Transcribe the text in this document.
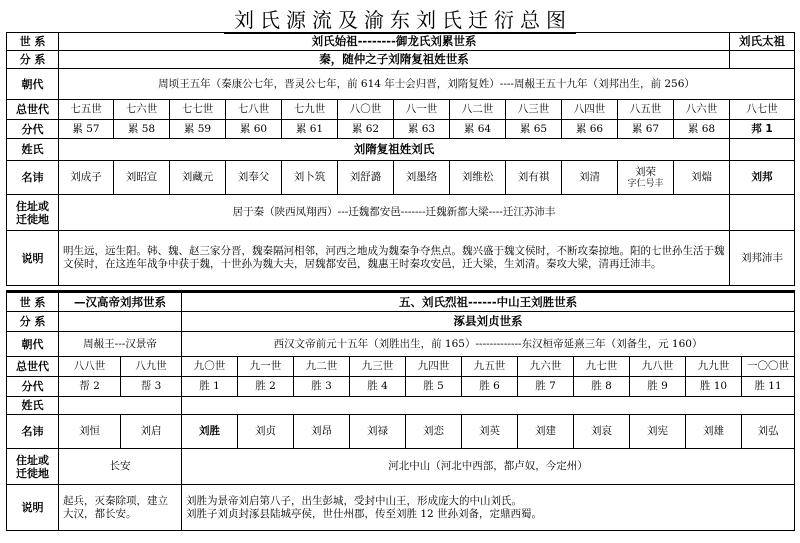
刘氏源流及渝东刘氏迁衍总图
世 系	刘氏始祖--------御龙氏刘累世系												刘氏太祖
分 系	秦，随仲之子刘隋复祖姓世系												
朝代	周顷王五年（秦康公七年，晋灵公七年，前 614 年士会归晋，刘隋复姓）----周赧王五十九年（刘邦出生，前 256）												
总世代	七五世	七六世	七七世	七八世	七九世	八〇世	八一世	八二世	八三世	八四世	八五世	八六世	八七世
分代	累 57	累 58	累 59	累 60	累 61	累 62	累 63	累 64	累 65	累 66	累 67	累 68	邦 1
姓氏	刘隋复祖姓刘氏												
名讳	刘成子	刘昭宣	刘藏元	刘奉父	刘卜筑	刘舒潞	刘墨络	刘维松	刘有祺	刘清	刘荣
字仁号丰	刘煓	刘邦
住址或
迁徙地	居于秦（陕西凤翔西）---迁魏都安邑-------迁魏新都大梁----迁江苏沛丰												
说明	明生远，远生阳。韩、魏、赵三家分晋，魏秦隔河相邻，河西之地成为魏秦争夺焦点。魏兴盛于魏文侯时，不断攻秦掠地。阳的七世孙生活于魏文侯时，在这连年战争中获于魏，十世孙为魏大夫，居魏都安邑，魏惠王时秦攻安邑，迁大梁，生刘清。秦攻大梁，清再迁沛丰。												刘邦沛丰
世 系	—汉高帝刘邦世系		五、刘氏烈祖------中山王刘胜世系										
分 系			涿县刘贞世系										
朝代	周赧王---汉景帝		西汉文帝前元十五年（刘胜出生，前 165）-------------东汉桓帝延熹三年（刘备生，元 160）										
总世代	八八世	八九世	九〇世	九一世	九二世	九三世	九四世	九五世	九六世	九七世	九八世	九九世	一〇〇世
分代	帮 2	帮 3	胜 1	胜 2	胜 3	胜 4	胜 5	胜 6	胜 7	胜 8	胜 9	胜 10	胜 11
姓氏													
名讳	刘恒	刘启	刘胜	刘贞	刘昂	刘禄	刘恋	刘英	刘建	刘哀	刘宪	刘雄	刘弘
住址或
迁徙地	长安		河北中山（河北中西部，都卢奴，今定州）										
说明	起兵，灭秦除项，建立大汉，都长安。		刘胜为景帝刘启第八子，出生彭城，受封中山王，形成庞大的中山刘氏。
刘胜子刘贞封涿县陆城亭侯，世仕州郡，传至刘胜 12 世孙刘备，定鼎西蜀。										
